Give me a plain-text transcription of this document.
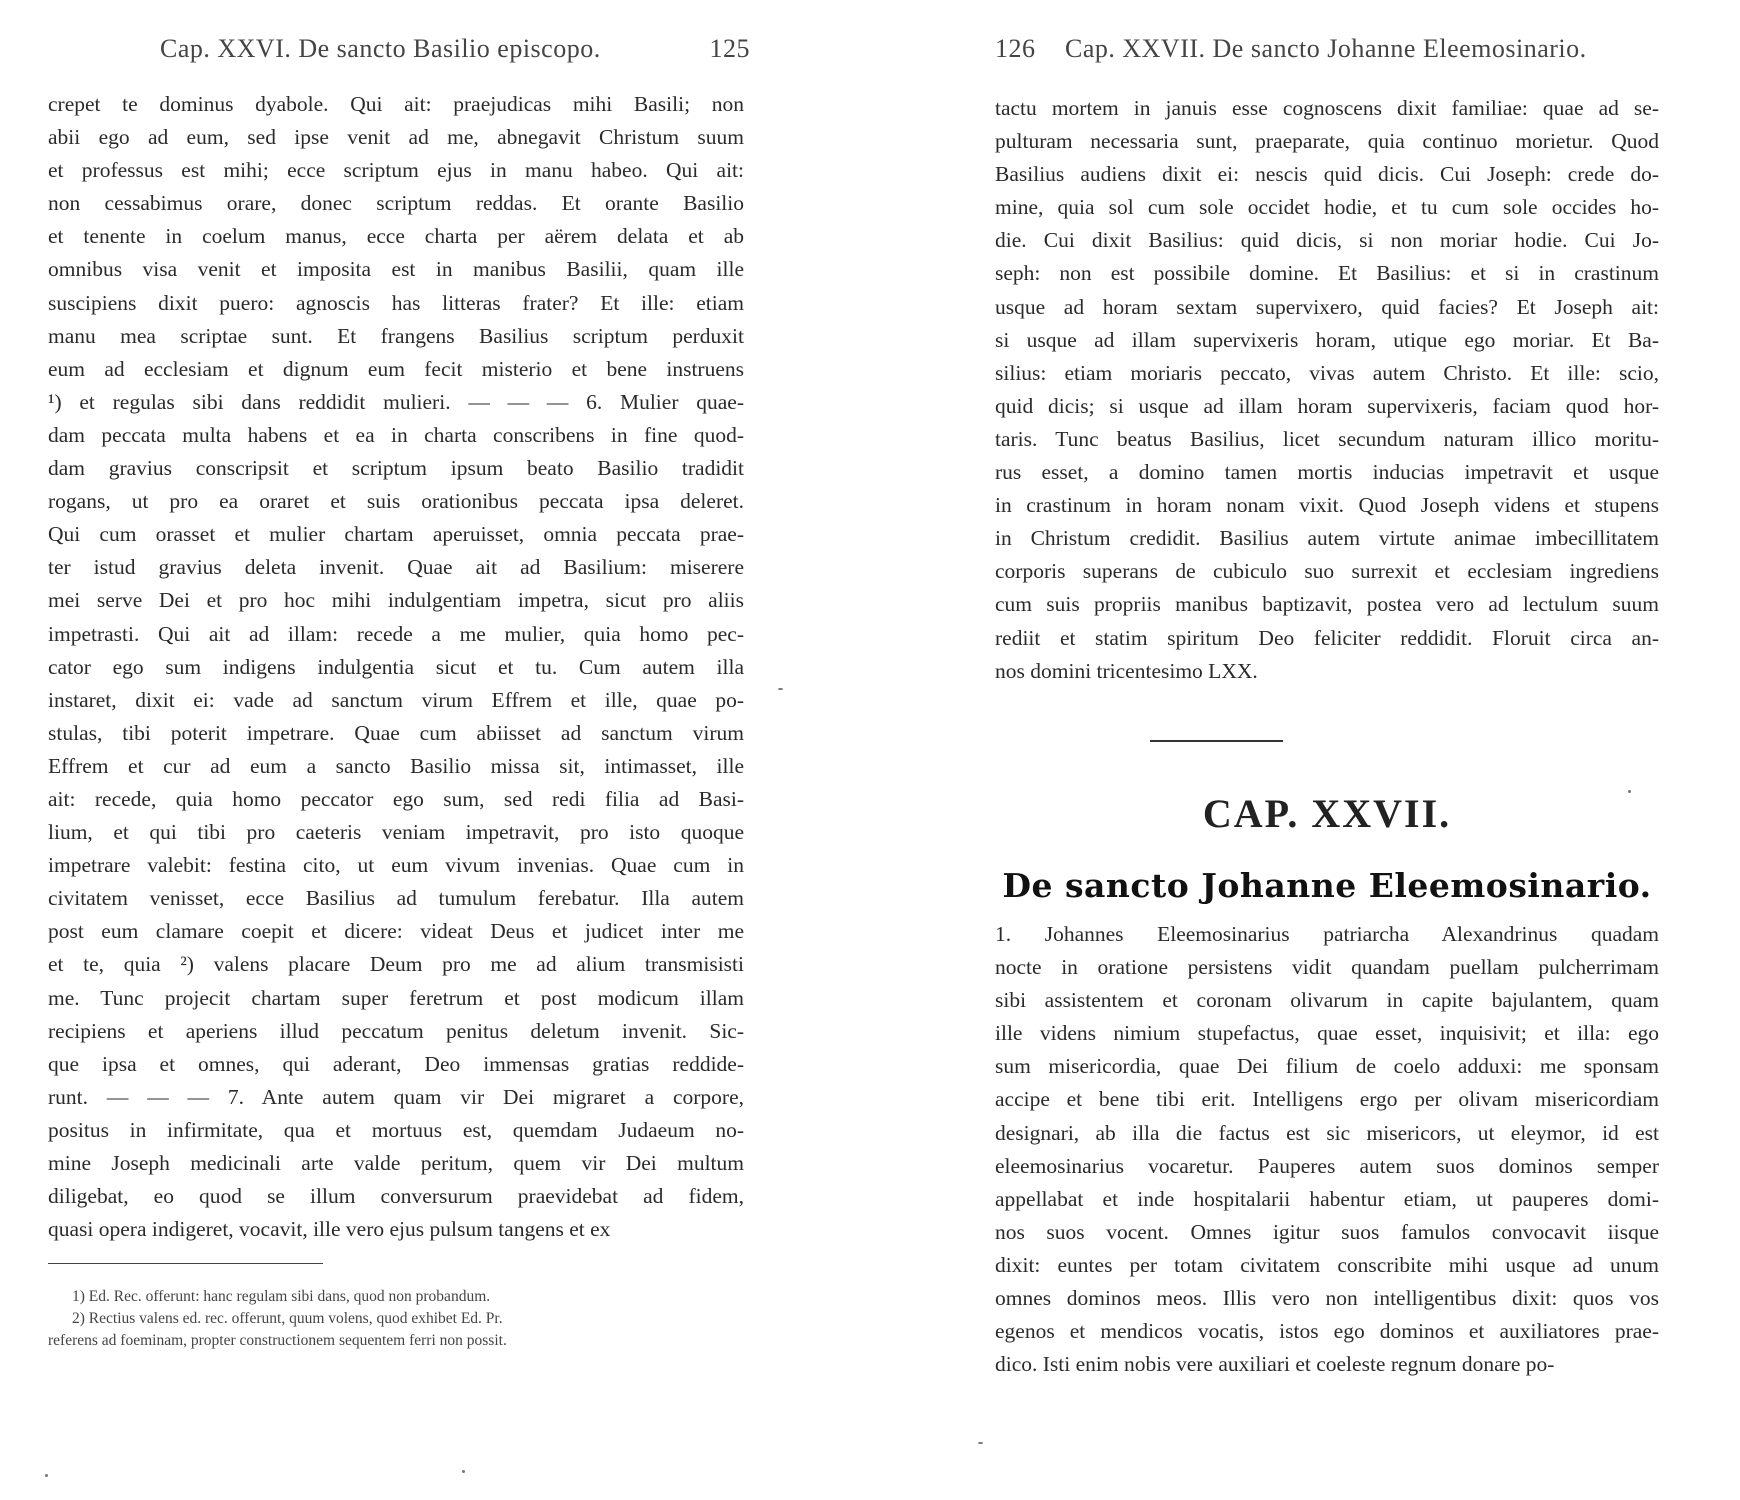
Cap. XXVI. De sancto Basilio episcopo.	125
crepet te dominus dyabole. Qui ait: praejudicas mihi Basili; non
abii ego ad eum, sed ipse venit ad me, abnegavit Christum suum
et professus est mihi; ecce scriptum ejus in manu habeo. Qui ait:
non cessabimus orare, donec scriptum reddas. Et orante Basilio
et tenente in coelum manus, ecce charta per aërem delata et ab
omnibus visa venit et imposita est in manibus Basilii, quam ille
suscipiens dixit puero: agnoscis has litteras frater? Et ille: etiam
manu mea scriptae sunt. Et frangens Basilius scriptum perduxit
eum ad ecclesiam et dignum eum fecit misterio et bene instruens
¹) et regulas sibi dans reddidit mulieri. — — — 6. Mulier quae-
dam peccata multa habens et ea in charta conscribens in fine quod-
dam gravius conscripsit et scriptum ipsum beato Basilio tradidit
rogans, ut pro ea oraret et suis orationibus peccata ipsa deleret.
Qui cum orasset et mulier chartam aperuisset, omnia peccata prae-
ter istud gravius deleta invenit. Quae ait ad Basilium: miserere
mei serve Dei et pro hoc mihi indulgentiam impetra, sicut pro aliis
impetrasti. Qui ait ad illam: recede a me mulier, quia homo pec-
cator ego sum indigens indulgentia sicut et tu. Cum autem illa
instaret, dixit ei: vade ad sanctum virum Effrem et ille, quae po-
stulas, tibi poterit impetrare. Quae cum abiisset ad sanctum virum
Effrem et cur ad eum a sancto Basilio missa sit, intimasset, ille
ait: recede, quia homo peccator ego sum, sed redi filia ad Basi-
lium, et qui tibi pro caeteris veniam impetravit, pro isto quoque
impetrare valebit: festina cito, ut eum vivum invenias. Quae cum in
civitatem venisset, ecce Basilius ad tumulum ferebatur. Illa autem
post eum clamare coepit et dicere: videat Deus et judicet inter me
et te, quia ²) valens placare Deum pro me ad alium transmisisti
me. Tunc projecit chartam super feretrum et post modicum illam
recipiens et aperiens illud peccatum penitus deletum invenit. Sic-
que ipsa et omnes, qui aderant, Deo immensas gratias reddide-
runt. — — — 7. Ante autem quam vir Dei migraret a corpore,
positus in infirmitate, qua et mortuus est, quemdam Judaeum no-
mine Joseph medicinali arte valde peritum, quem vir Dei multum
diligebat, eo quod se illum conversurum praevidebat ad fidem,
quasi opera indigeret, vocavit, ille vero ejus pulsum tangens et ex
1) Ed. Rec. offerunt: hanc regulam sibi dans, quod non probandum.
2) Rectius valens ed. rec. offerunt, quum volens, quod exhibet Ed. Pr.
referens ad foeminam, propter constructionem sequentem ferri non possit.
126 Cap. XXVII. De sancto Johanne Eleemosinario.
tactu mortem in januis esse cognoscens dixit familiae: quae ad se-
pulturam necessaria sunt, praeparate, quia continuo morietur. Quod
Basilius audiens dixit ei: nescis quid dicis. Cui Joseph: crede do-
mine, quia sol cum sole occidet hodie, et tu cum sole occides ho-
die. Cui dixit Basilius: quid dicis, si non moriar hodie. Cui Jo-
seph: non est possibile domine. Et Basilius: et si in crastinum
usque ad horam sextam supervixero, quid facies? Et Joseph ait:
si usque ad illam supervixeris horam, utique ego moriar. Et Ba-
silius: etiam moriaris peccato, vivas autem Christo. Et ille: scio,
quid dicis; si usque ad illam horam supervixeris, faciam quod hor-
taris. Tunc beatus Basilius, licet secundum naturam illico moritu-
rus esset, a domino tamen mortis inducias impetravit et usque
in crastinum in horam nonam vixit. Quod Joseph videns et stupens
in Christum credidit. Basilius autem virtute animae imbecillitatem
corporis superans de cubiculo suo surrexit et ecclesiam ingrediens
cum suis propriis manibus baptizavit, postea vero ad lectulum suum
rediit et statim spiritum Deo feliciter reddidit. Floruit circa an-
nos domini tricentesimo LXX.
CAP. XXVII.
De sancto Johanne Eleemosinario.
1. Johannes Eleemosinarius patriarcha Alexandrinus quadam
nocte in oratione persistens vidit quandam puellam pulcherrimam
sibi assistentem et coronam olivarum in capite bajulantem, quam
ille videns nimium stupefactus, quae esset, inquisivit; et illa: ego
sum misericordia, quae Dei filium de coelo adduxi: me sponsam
accipe et bene tibi erit. Intelligens ergo per olivam misericordiam
designari, ab illa die factus est sic misericors, ut eleymor, id est
eleemosinarius vocaretur. Pauperes autem suos dominos semper
appellabat et inde hospitalarii habentur etiam, ut pauperes domi-
nos suos vocent. Omnes igitur suos famulos convocavit iisque
dixit: euntes per totam civitatem conscribite mihi usque ad unum
omnes dominos meos. Illis vero non intelligentibus dixit: quos vos
egenos et mendicos vocatis, istos ego dominos et auxiliatores prae-
dico. Isti enim nobis vere auxiliari et coeleste regnum donare po-
